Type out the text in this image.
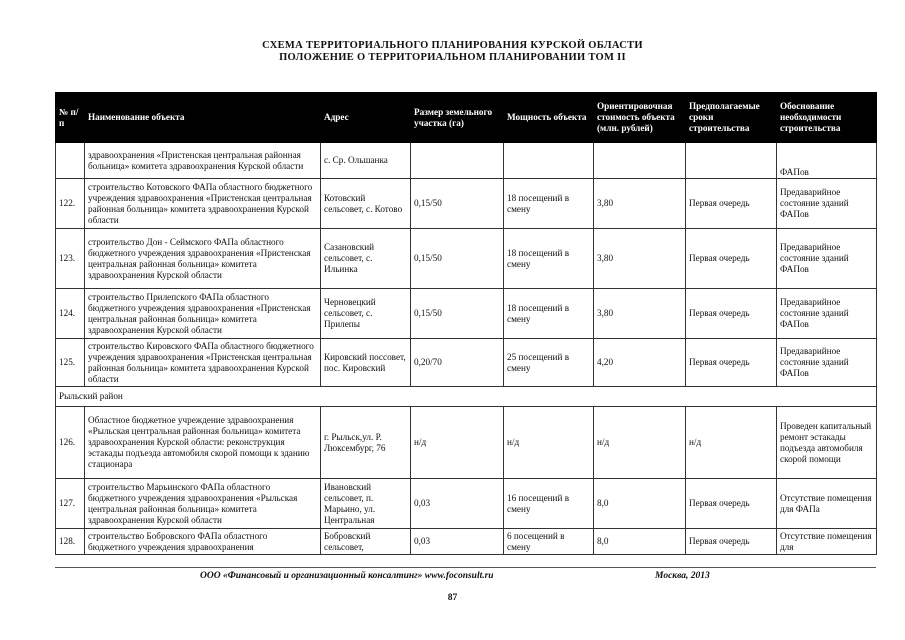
СХЕМА ТЕРРИТОРИАЛЬНОГО ПЛАНИРОВАНИЯ КУРСКОЙ ОБЛАСТИ
ПОЛОЖЕНИЕ О ТЕРРИТОРИАЛЬНОМ ПЛАНИРОВАНИИ ТОМ II
№ п/п	Наименование объекта	Адрес	Размер земельного участка (га)	Мощность объекта	Ориентировочная стоимость объекта (млн. рублей)	Предполагаемые сроки строительства	Обоснование необходимости строительства
	здравоохранения «Пристенская центральная районная больница» комитета здравоохранения Курской области	с. Ср. Ольшанка					ФАПов
122.	строительство Котовского ФАПа областного бюджетного учреждения здравоохранения «Пристенская центральная районная больница» комитета здравоохранения Курской области	Котовский сельсовет, с. Котово	0,15/50	18 посещений в смену	3,80	Первая очередь	Предаварийное состояние зданий ФАПов
123.	строительство Дон - Сеймского ФАПа областного бюджетного учреждения здравоохранения «Пристенская центральная районная больница» комитета здравоохранения Курской области	Сазановский сельсовет, с. Ильинка	0,15/50	18 посещений в смену	3,80	Первая очередь	Предаварийное состояние зданий ФАПов
124.	строительство Прилепского ФАПа областного бюджетного учреждения здравоохранения «Пристенская центральная районная больница» комитета здравоохранения Курской области	Черновецкий сельсовет, с. Прилепы	0,15/50	18 посещений в смену	3,80	Первая очередь	Предаварийное состояние зданий ФАПов
125.	строительство Кировского ФАПа областного бюджетного учреждения здравоохранения «Пристенская центральная районная больница» комитета здравоохранения Курской области	Кировский поссовет, пос. Кировский	0,20/70	25 посещений в смену	4,20	Первая очередь	Предаварийное состояние зданий ФАПов
Рыльский район							
126.	Областное бюджетное учреждение здравоохранения «Рыльская центральная районная больница» комитета здравоохранения Курской области: реконструкция эстакады подъезда автомобиля скорой помощи к зданию стационара	г. Рыльск,ул. Р. Люксембург, 76	н/д	н/д	н/д	н/д	Проведен капитальный ремонт эстакады подъезда автомобиля скорой помощи
127.	строительство Марьинского ФАПа областного бюджетного учреждения здравоохранения «Рыльская центральная районная больница» комитета здравоохранения Курской области	Ивановский сельсовет, п. Марьино, ул. Центральная	0,03	16 посещений в смену	8,0	Первая очередь	Отсутствие помещения для ФАПа
128.	строительство Бобровского ФАПа областного бюджетного учреждения здравоохранения	Бобровский сельсовет,	0,03	6 посещений в смену	8,0	Первая очередь	Отсутствие помещения для
ООО «Финансовый и организационный консалтинг» www.foconsult.ru	Москва, 2013
87
